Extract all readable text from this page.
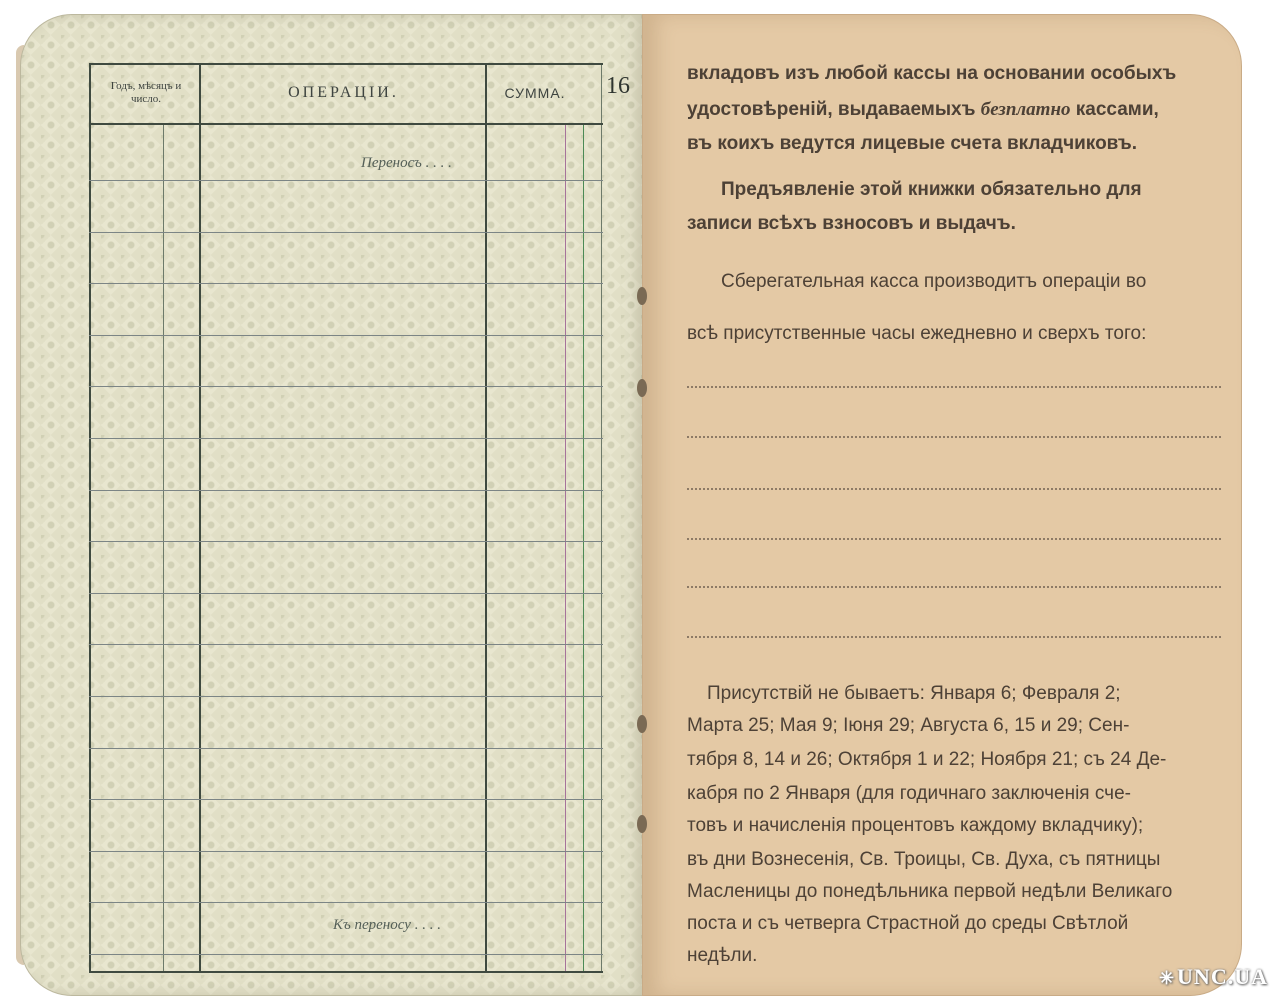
Годъ, мѣсяцъ и число.	ОПЕРАЦIИ.	СУММА.	16
Переносъ . . . .
Къ переносу . . . .
вкладовъ изъ любой кассы на основании особыхъ
удостовѣренiй, выдаваемыхъ безплатно кассами,
въ коихъ ведутся лицевые счета вкладчиковъ.
Предъявленiе этой книжки обязательно для
записи всѣхъ взносовъ и выдачъ.
Сберегательная касса производитъ операцiи во
всѣ присутственные часы ежедневно и сверхъ того:
Присутствiй не бываетъ: Января 6; Февраля 2;
Марта 25; Мая 9; Iюня 29; Августа 6, 15 и 29; Сен-
тября 8, 14 и 26; Октября 1 и 22; Ноября 21; съ 24 Де-
кабря по 2 Января (для годичнаго заключенiя сче-
товъ и начисленiя процентовъ каждому вкладчику);
въ дни Вознесенiя, Св. Троицы, Св. Духа, съ пятницы
Масленицы до понедѣльника первой недѣли Великаго
поста и съ четверга Страстной до среды Свѣтлой
недѣли.
✳UNC.UA
